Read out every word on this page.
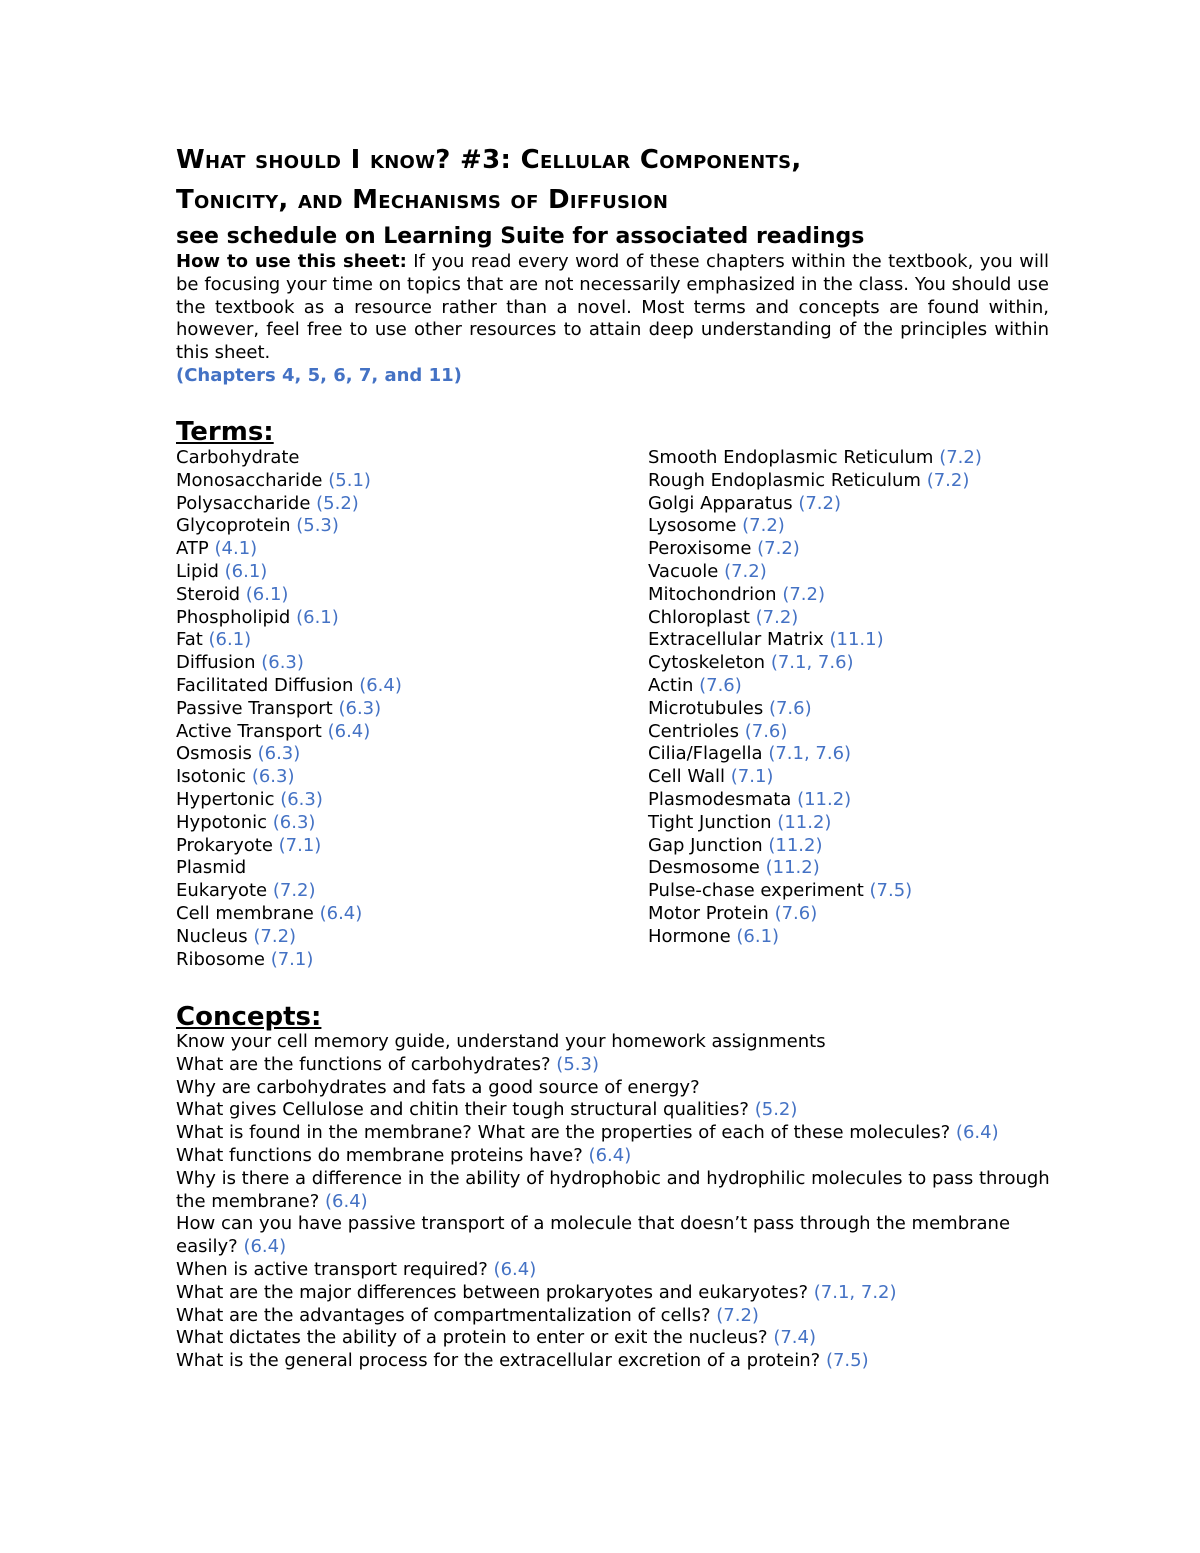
What should I know? #3: Cellular Components,
Tonicity, and Mechanisms of Diffusion

see schedule on Learning Suite for associated readings

How to use this sheet: If you read every word of these chapters within the textbook, you will be focusing your time on topics that are not necessarily emphasized in the class. You should use the textbook as a resource rather than a novel. Most terms and concepts are found within, however, feel free to use other resources to attain deep understanding of the principles within this sheet.

(Chapters 4, 5, 6, 7, and 11)

Terms:
Carbohydrate
Monosaccharide (5.1)
Polysaccharide (5.2)
Glycoprotein (5.3)
ATP (4.1)
Lipid (6.1)
Steroid (6.1)
Phospholipid (6.1)
Fat (6.1)
Diffusion (6.3)
Facilitated Diffusion (6.4)
Passive Transport (6.3)
Active Transport (6.4)
Osmosis (6.3)
Isotonic (6.3)
Hypertonic (6.3)
Hypotonic (6.3)
Prokaryote (7.1)
Plasmid
Eukaryote (7.2)
Cell membrane (6.4)
Nucleus (7.2)
Ribosome (7.1)
Smooth Endoplasmic Reticulum (7.2)
Rough Endoplasmic Reticulum (7.2)
Golgi Apparatus (7.2)
Lysosome (7.2)
Peroxisome (7.2)
Vacuole (7.2)
Mitochondrion (7.2)
Chloroplast (7.2)
Extracellular Matrix (11.1)
Cytoskeleton (7.1, 7.6)
Actin (7.6)
Microtubules (7.6)
Centrioles (7.6)
Cilia/Flagella (7.1, 7.6)
Cell Wall (7.1)
Plasmodesmata (11.2)
Tight Junction (11.2)
Gap Junction (11.2)
Desmosome (11.2)
Pulse-chase experiment (7.5)
Motor Protein (7.6)
Hormone (6.1)
Concepts:
Know your cell memory guide, understand your homework assignments
What are the functions of carbohydrates? (5.3)
Why are carbohydrates and fats a good source of energy?
What gives Cellulose and chitin their tough structural qualities? (5.2)
What is found in the membrane? What are the properties of each of these molecules? (6.4)
What functions do membrane proteins have? (6.4)
Why is there a difference in the ability of hydrophobic and hydrophilic molecules to pass through the membrane? (6.4)
How can you have passive transport of a molecule that doesn’t pass through the membrane easily? (6.4)
When is active transport required? (6.4)
What are the major differences between prokaryotes and eukaryotes? (7.1, 7.2)
What are the advantages of compartmentalization of cells? (7.2)
What dictates the ability of a protein to enter or exit the nucleus? (7.4)
What is the general process for the extracellular excretion of a protein? (7.5)
